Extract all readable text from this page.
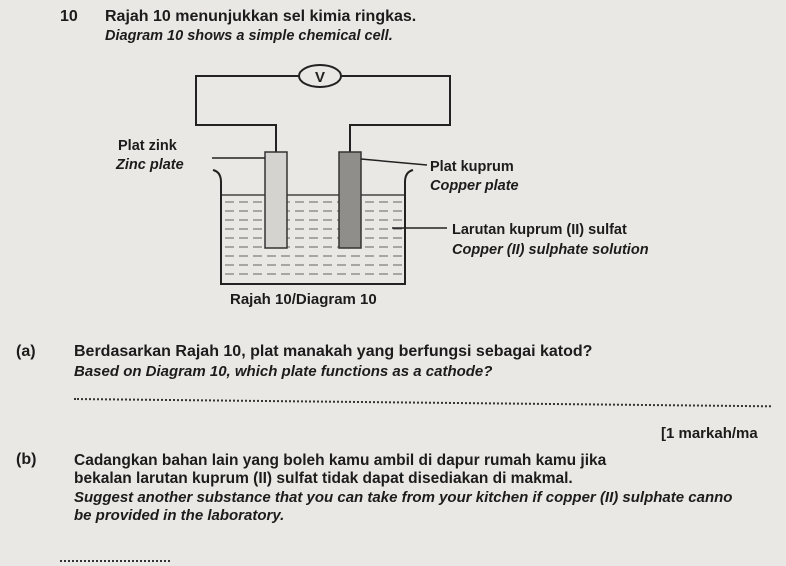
10 Rajah 10 menunjukkan sel kimia ringkas.
Diagram 10 shows a simple chemical cell.
V
Plat zink
Zinc plate	Plat kuprum
Copper plate
Larutan kuprum (II) sulfat
Copper (II) sulphate solution
Rajah 10/Diagram 10
(a) Berdasarkan Rajah 10, plat manakah yang berfungsi sebagai katod?
Based on Diagram 10, which plate functions as a cathode?
[1 markah/ma
(b) Cadangkan bahan lain yang boleh kamu ambil di dapur rumah kamu jika
bekalan larutan kuprum (II) sulfat tidak dapat disediakan di makmal.
Suggest another substance that you can take from your kitchen if copper (II) sulphate canno
be provided in the laboratory.
